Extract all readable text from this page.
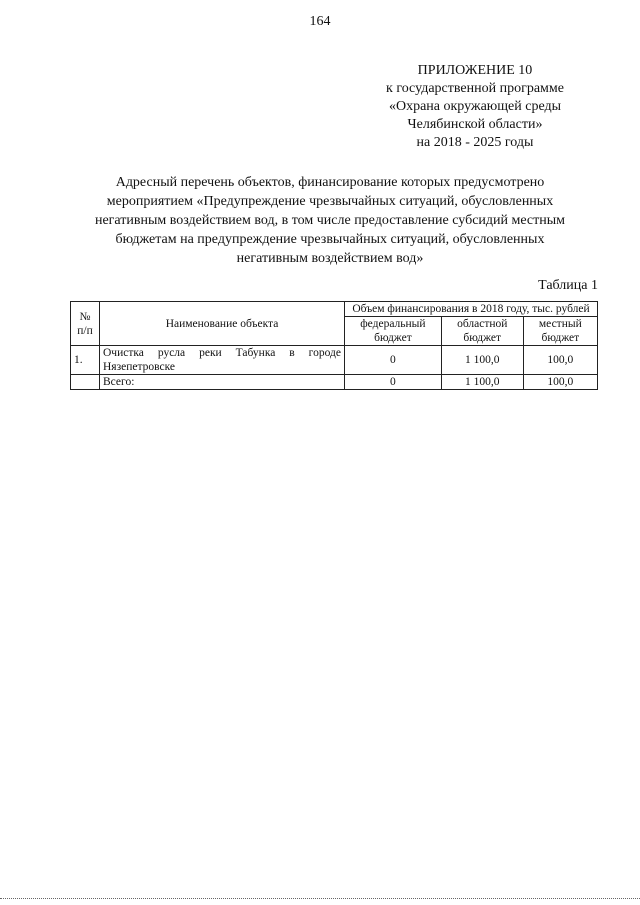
164
ПРИЛОЖЕНИЕ 10
к государственной программе
«Охрана окружающей среды
Челябинской области»
на 2018 - 2025 годы
Адресный перечень объектов, финансирование которых предусмотрено
мероприятием «Предупреждение чрезвычайных ситуаций, обусловленных
негативным воздействием вод, в том числе предоставление субсидий местным
бюджетам на предупреждение чрезвычайных ситуаций, обусловленных
негативным воздействием вод»
Таблица 1
№ п/п	Наименование объекта	Объем финансирования в 2018 году, тыс. рублей		
		федеральный бюджет	областной бюджет	местный бюджет
1.	Очистка русла реки Табунка в городе Нязепетровске	0	1 100,0	100,0
	Всего:	0	1 100,0	100,0
